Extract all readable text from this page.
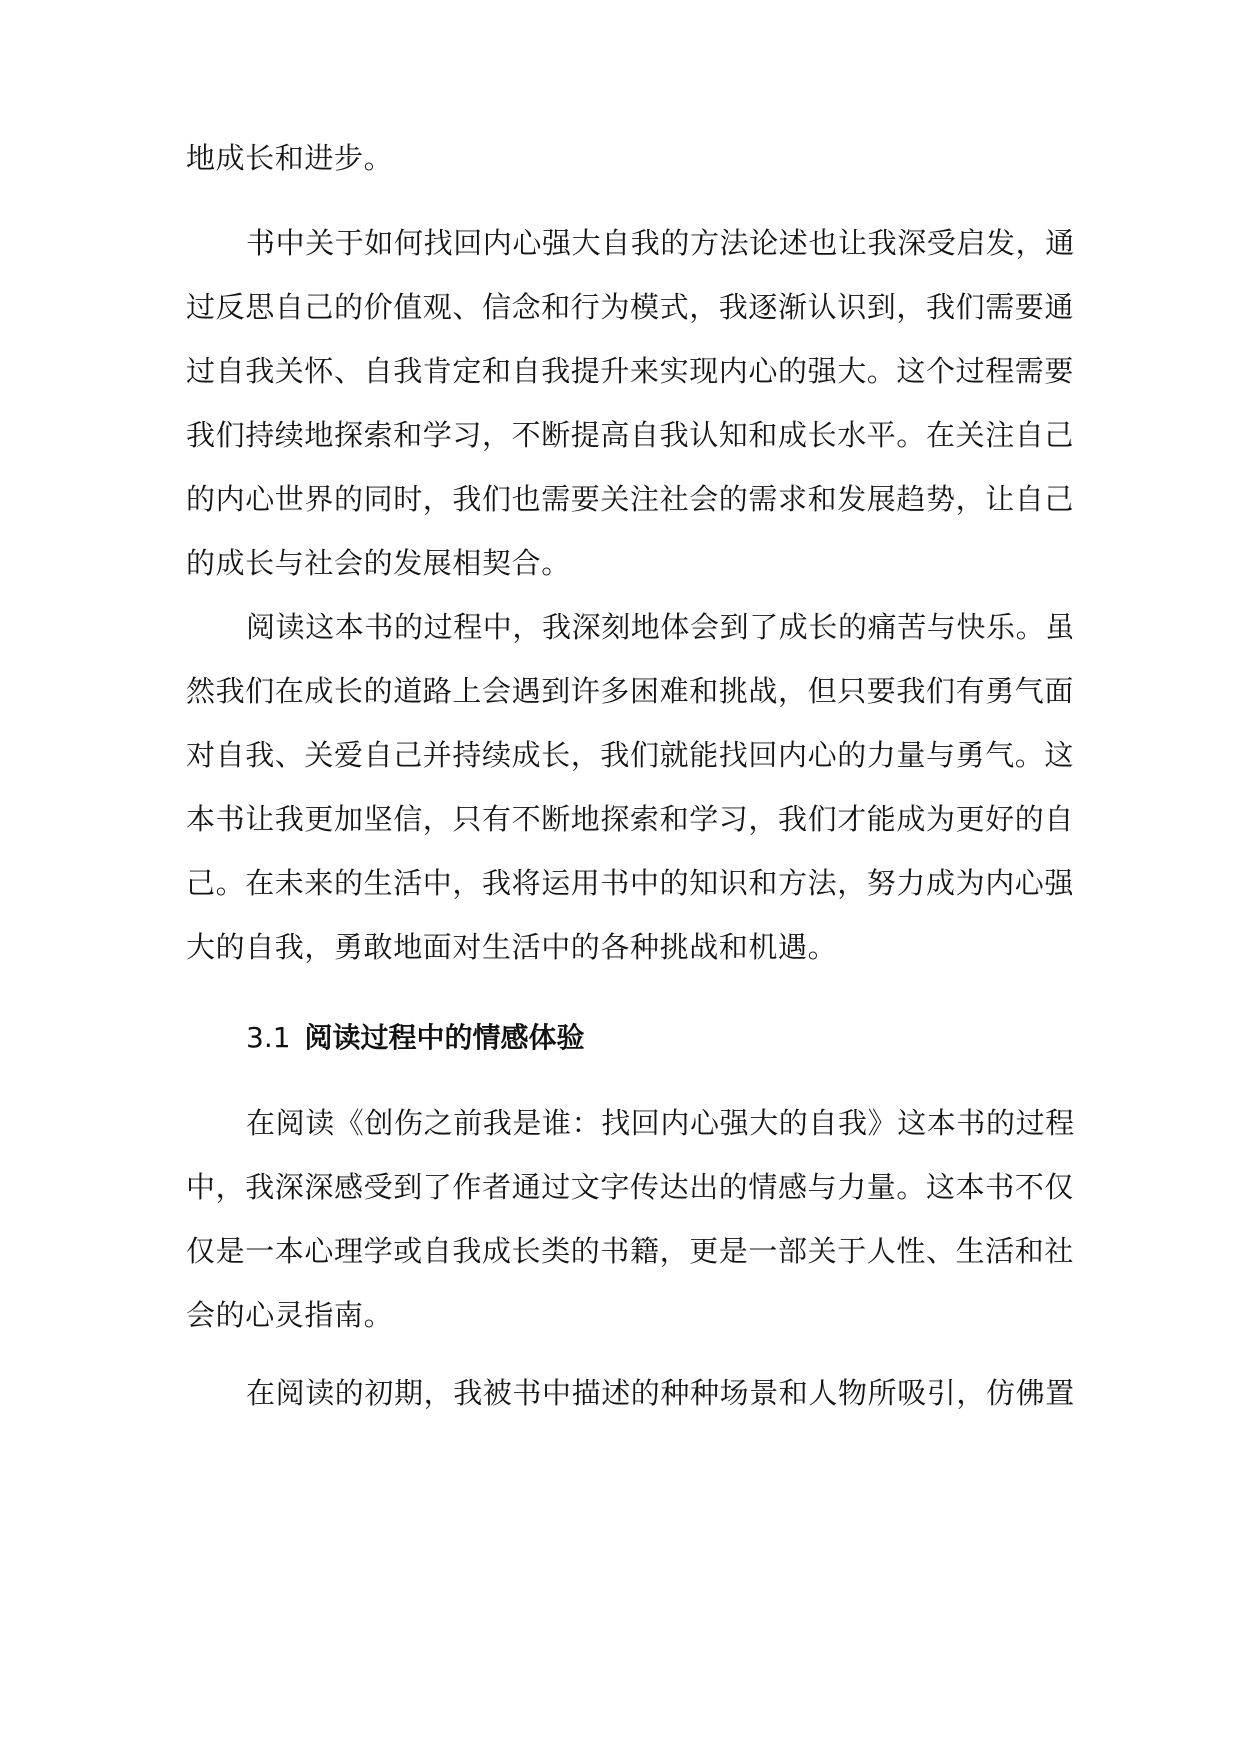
地成长和进步。
书中关于如何找回内心强大自我的方法论述也让我深受启发，通
过反思自己的价值观、信念和行为模式，我逐渐认识到，我们需要通
过自我关怀、自我肯定和自我提升来实现内心的强大。这个过程需要
我们持续地探索和学习，不断提高自我认知和成长水平。在关注自己
的内心世界的同时，我们也需要关注社会的需求和发展趋势，让自己
的成长与社会的发展相契合。
阅读这本书的过程中，我深刻地体会到了成长的痛苦与快乐。虽
然我们在成长的道路上会遇到许多困难和挑战，但只要我们有勇气面
对自我、关爱自己并持续成长，我们就能找回内心的力量与勇气。这
本书让我更加坚信，只有不断地探索和学习，我们才能成为更好的自
己。在未来的生活中，我将运用书中的知识和方法，努力成为内心强
大的自我，勇敢地面对生活中的各种挑战和机遇。
3.1 阅读过程中的情感体验
在阅读《创伤之前我是谁：找回内心强大的自我》这本书的过程
中，我深深感受到了作者通过文字传达出的情感与力量。这本书不仅
仅是一本心理学或自我成长类的书籍，更是一部关于人性、生活和社
会的心灵指南。
在阅读的初期，我被书中描述的种种场景和人物所吸引，仿佛置
